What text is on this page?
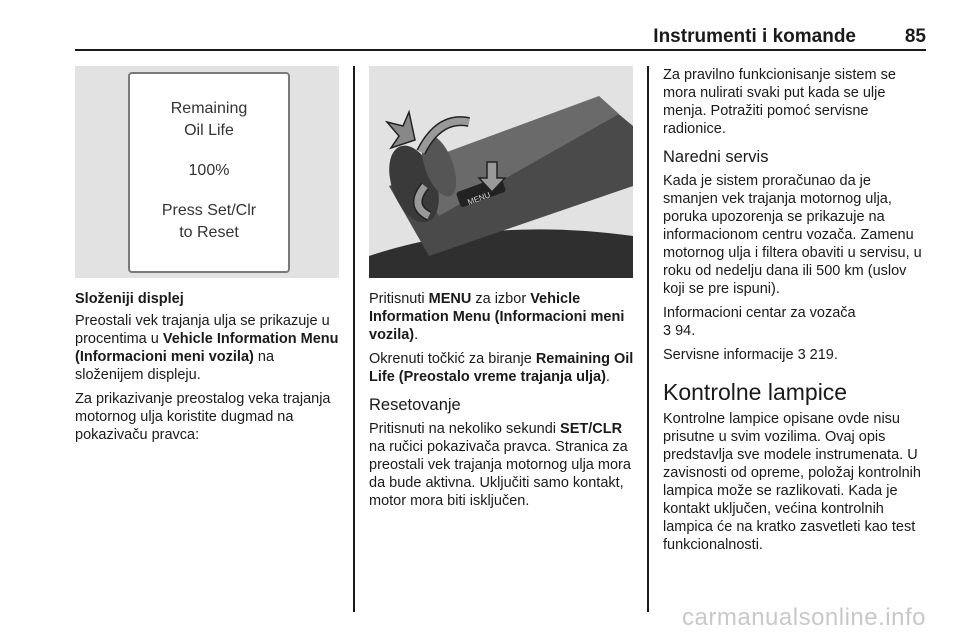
Instrumenti i komande	85
Remaining
Oil Life
100%
Press Set/Clr
to Reset
MENU
Složeniji displej

Preostali vek trajanja ulja se prikazuje u procentima u Vehicle Information Menu (Informacioni meni vozila) na složenijem displeju.

Za prikazivanje preostalog veka trajanja motornog ulja koristite dugmad na pokazivaču pravca:

Pritisnuti MENU za izbor Vehicle Information Menu (Informacioni meni vozila).

Okrenuti točkić za biranje Remaining Oil Life (Preostalo vreme trajanja ulja).

Resetovanje

Pritisnuti na nekoliko sekundi SET/CLR na ručici pokazivača pravca. Stranica za preostali vek trajanja motornog ulja mora da bude aktivna. Uključiti samo kontakt, motor mora biti isključen.

Za pravilno funkcionisanje sistem se mora nulirati svaki put kada se ulje menja. Potražiti pomoć servisne radionice.

Naredni servis

Kada je sistem proračunao da je smanjen vek trajanja motornog ulja, poruka upozorenja se prikazuje na informacionom centru vozača. Zamenu motornog ulja i filtera obaviti u servisu, u roku od nedelju dana ili 500 km (uslov koji se pre ispuni).

Informacioni centar za vozača
3 94.

Servisne informacije 3 219.

Kontrolne lampice

Kontrolne lampice opisane ovde nisu prisutne u svim vozilima. Ovaj opis predstavlja sve modele instrumenata. U zavisnosti od opreme, položaj kontrolnih lampica može se razlikovati. Kada je kontakt uključen, većina kontrolnih lampica će na kratko zasvetleti kao test funkcionalnosti.

carmanualsonline.info
